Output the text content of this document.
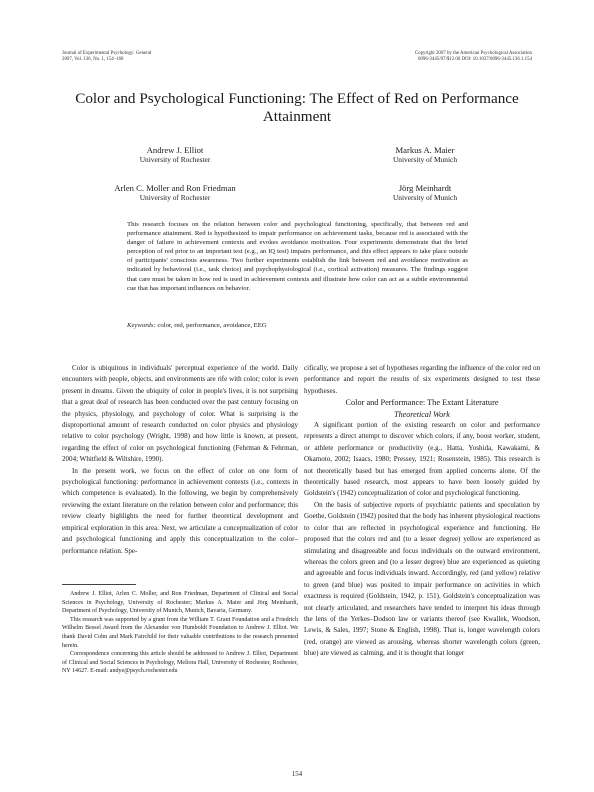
Journal of Experimental Psychology: General
2007, Vol. 136, No. 1, 154–168
Copyright 2007 by the American Psychological Association
0096-3445/07/$12.00 DOI: 10.1037/0096-3445.136.1.154
Color and Psychological Functioning: The Effect of Red on Performance Attainment
Andrew J. Elliot
University of Rochester
Markus A. Maier
University of Munich
Arlen C. Moller and Ron Friedman
University of Rochester
Jörg Meinhardt
University of Munich
This research focuses on the relation between color and psychological functioning, specifically, that between red and performance attainment. Red is hypothesized to impair performance on achievement tasks, because red is associated with the danger of failure in achievement contexts and evokes avoidance motivation. Four experiments demonstrate that the brief perception of red prior to an important test (e.g., an IQ test) impairs performance, and this effect appears to take place outside of participants' conscious awareness. Two further experiments establish the link between red and avoidance motivation as indicated by behavioral (i.e., task choice) and psychophysiological (i.e., cortical activation) measures. The findings suggest that care must be taken in how red is used in achievement contexts and illustrate how color can act as a subtle environmental cue that has important influences on behavior.
Keywords: color, red, performance, avoidance, EEG

Color is ubiquitous in individuals' perceptual experience of the world. Daily encounters with people, objects, and environments are rife with color; color is even present in dreams. Given the ubiquity of color in people's lives, it is not surprising that a great deal of research has been conducted over the past century focusing on the physics, physiology, and psychology of color. What is surprising is the disproportional amount of research conducted on color physics and physiology relative to color psychology (Wright, 1998) and how little is known, at present, regarding the effect of color on psychological functioning (Fehrman & Fehrman, 2004; Whitfield & Wiltshire, 1990).

In the present work, we focus on the effect of color on one form of psychological functioning: performance in achievement contexts (i.e., contexts in which competence is evaluated). In the following, we begin by comprehensively reviewing the extant literature on the relation between color and performance; this review clearly highlights the need for further theoretical development and empirical exploration in this area. Next, we articulate a conceptualization of color and psychological functioning and apply this conceptualization to the color–performance relation. Spe-

cifically, we propose a set of hypotheses regarding the influence of the color red on performance and report the results of six experiments designed to test these hypotheses.

Color and Performance: The Extant Literature

Theoretical Work

A significant portion of the existing research on color and performance represents a direct attempt to discover which colors, if any, boost worker, student, or athlete performance or productivity (e.g., Hatta, Yoshida, Kawakami, & Okamoto, 2002; Isaacs, 1980; Pressey, 1921; Rosenstein, 1985). This research is not theoretically based but has emerged from applied concerns alone. Of the theoretically based research, most appears to have been loosely guided by Goldstein's (1942) conceptualization of color and psychological functioning.

On the basis of subjective reports of psychiatric patients and speculation by Goethe, Goldstein (1942) posited that the body has inherent physiological reactions to color that are reflected in psychological experience and functioning. He proposed that the colors red and (to a lesser degree) yellow are experienced as stimulating and disagreeable and focus individuals on the outward environment, whereas the colors green and (to a lesser degree) blue are experienced as quieting and agreeable and focus individuals inward. Accordingly, red (and yellow) relative to green (and blue) was posited to impair performance on activities in which exactness is required (Goldstein, 1942, p. 151). Goldstein's conceptualization was not clearly articulated, and researchers have tended to interpret his ideas through the lens of the Yerkes–Dodson law or variants thereof (see Kwallek, Woodson, Lewis, & Sales, 1997; Stone & English, 1998). That is, longer wavelength colors (red, orange) are viewed as arousing, whereas shorter wavelength colors (green, blue) are viewed as calming, and it is thought that longer

Andrew J. Elliot, Arlen C. Moller, and Ron Friedman, Department of Clinical and Social Sciences in Psychology, University of Rochester; Markus A. Maier and Jörg Meinhardt, Department of Psychology, University of Munich, Munich, Bavaria, Germany.

This research was supported by a grant from the William T. Grant Foundation and a Friedrich Wilhelm Bessel Award from the Alexander von Humboldt Foundation to Andrew J. Elliot. We thank David Cohn and Mark Fairchild for their valuable contributions to the research presented herein.

Correspondence concerning this article should be addressed to Andrew J. Elliot, Department of Clinical and Social Sciences in Psychology, Meliora Hall, University of Rochester, Rochester, NY 14627. E-mail: andye@psych.rochester.edu

154
